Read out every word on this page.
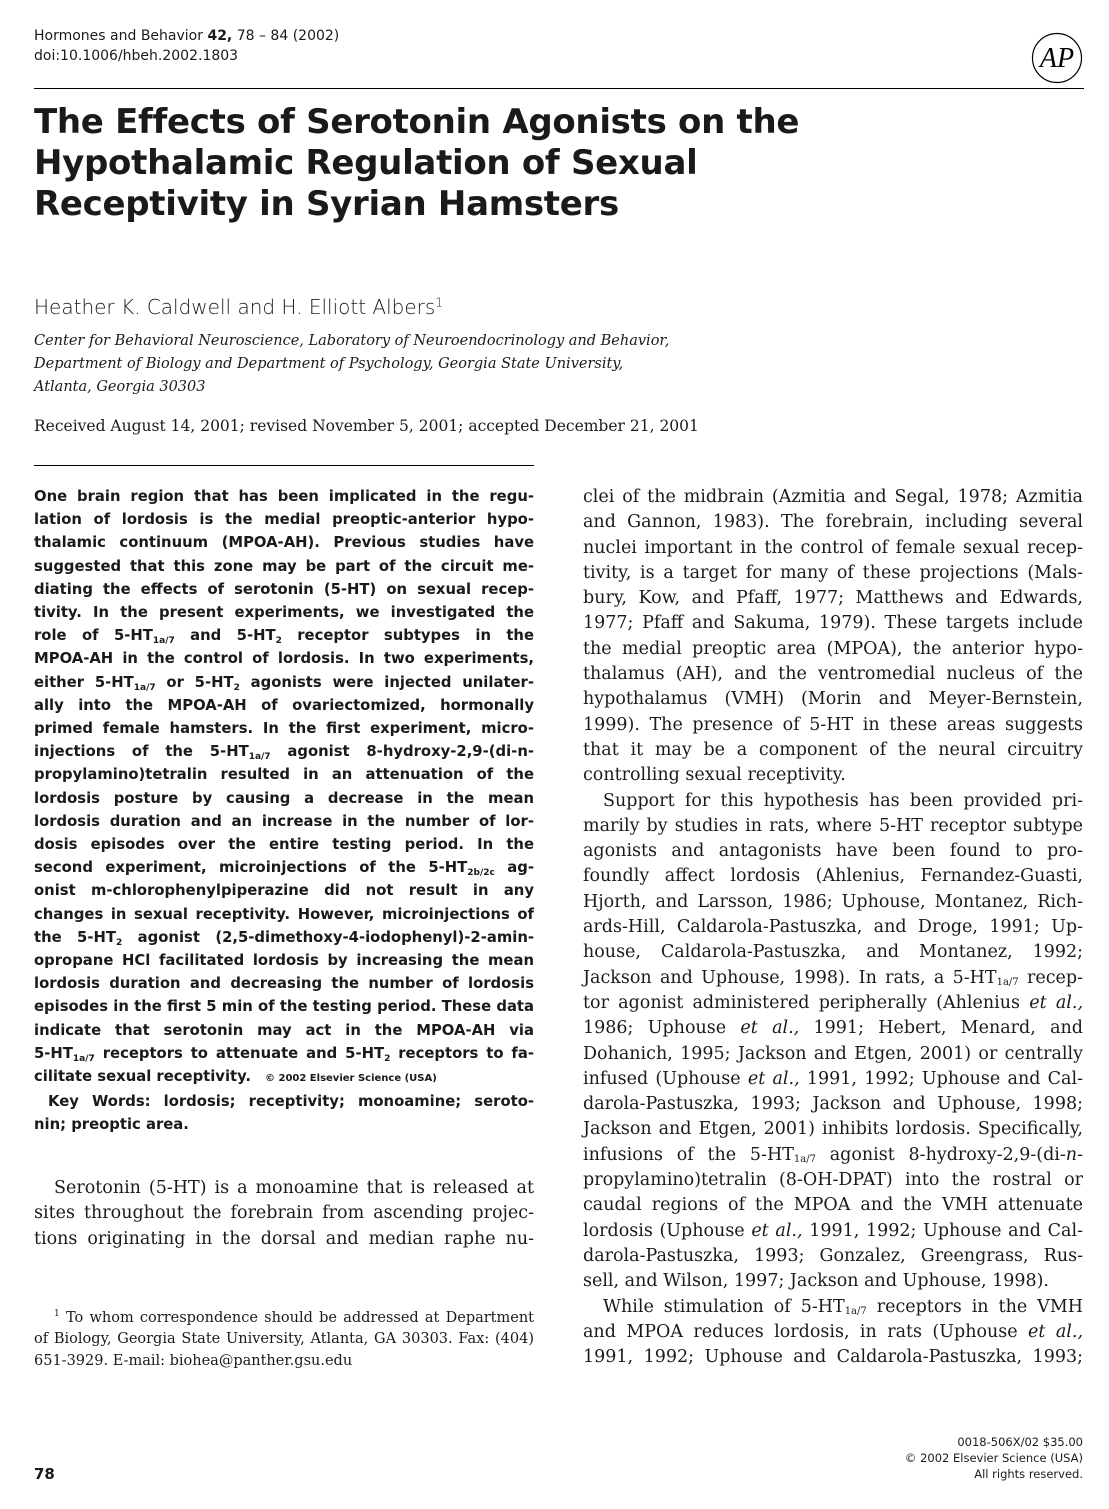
Hormones and Behavior 42, 78 – 84 (2002)
doi:10.1006/hbeh.2002.1803	AP
The Effects of Serotonin Agonists on the
Hypothalamic Regulation of Sexual
Receptivity in Syrian Hamsters
Heather K. Caldwell and H. Elliott Albers$^1$
Center for Behavioral Neuroscience, Laboratory of Neuroendocrinology and Behavior,
Department of Biology and Department of Psychology, Georgia State University,
Atlanta, Georgia 30303
Received August 14, 2001; revised November 5, 2001; accepted December 21, 2001
One brain region that has been implicated in the regu-
lation of lordosis is the medial preoptic-anterior hypo-
thalamic continuum (MPOA-AH). Previous studies have
suggested that this zone may be part of the circuit me-
diating the effects of serotonin (5-HT) on sexual recep-
tivity. In the present experiments, we investigated the
role of $5-HT_{1a/7}$ and $5-HT_2$ receptor subtypes in the
MPOA-AH in the control of lordosis. In two experiments,
either $5-HT_{1a/7}$ or $5-HT_2$ agonists were injected unilater-
ally into the MPOA-AH of ovariectomized, hormonally
primed female hamsters. In the first experiment, micro-
injections of the $5-HT_{1a/7}$ agonist 8-hydroxy-2,9-(di-n-
propylamino)tetralin resulted in an attenuation of the
lordosis posture by causing a decrease in the mean
lordosis duration and an increase in the number of lor-
dosis episodes over the entire testing period. In the
second experiment, microinjections of the $5-HT_{2b/2c}$ ag-
onist m-chlorophenylpiperazine did not result in any
changes in sexual receptivity. However, microinjections of
the $5-HT_2$ agonist (2,5-dimethoxy-4-iodophenyl)-2-amin-
opropane HCl facilitated lordosis by increasing the mean
lordosis duration and decreasing the number of lordosis
episodes in the first 5 min of the testing period. These data
indicate that serotonin may act in the MPOA-AH via
$5-HT_{1a/7}$ receptors to attenuate and $5-HT_2$ receptors to fa-
cilitate sexual receptivity. © 2002 Elsevier Science (USA)
Key Words: lordosis; receptivity; monoamine; seroto-
nin; preoptic area.
Serotonin (5-HT) is a monoamine that is released at
sites throughout the forebrain from ascending projec-
tions originating in the dorsal and median raphe nu-
$^1$ To whom correspondence should be addressed at Department
of Biology, Georgia State University, Atlanta, GA 30303. Fax: (404)
651-3929. E-mail: biohea@panther.gsu.edu
clei of the midbrain (Azmitia and Segal, 1978; Azmitia
and Gannon, 1983). The forebrain, including several
nuclei important in the control of female sexual recep-
tivity, is a target for many of these projections (Mals-
bury, Kow, and Pfaff, 1977; Matthews and Edwards,
1977; Pfaff and Sakuma, 1979). These targets include
the medial preoptic area (MPOA), the anterior hypo-
thalamus (AH), and the ventromedial nucleus of the
hypothalamus (VMH) (Morin and Meyer-Bernstein,
1999). The presence of 5-HT in these areas suggests
that it may be a component of the neural circuitry
controlling sexual receptivity.
Support for this hypothesis has been provided pri-
marily by studies in rats, where 5-HT receptor subtype
agonists and antagonists have been found to pro-
foundly affect lordosis (Ahlenius, Fernandez-Guasti,
Hjorth, and Larsson, 1986; Uphouse, Montanez, Rich-
ards-Hill, Caldarola-Pastuszka, and Droge, 1991; Up-
house, Caldarola-Pastuszka, and Montanez, 1992;
Jackson and Uphouse, 1998). In rats, a $5-HT_{1a/7}$ recep-
tor agonist administered peripherally (Ahlenius et al.,
1986; Uphouse et al., 1991; Hebert, Menard, and
Dohanich, 1995; Jackson and Etgen, 2001) or centrally
infused (Uphouse et al., 1991, 1992; Uphouse and Cal-
darola-Pastuszka, 1993; Jackson and Uphouse, 1998;
Jackson and Etgen, 2001) inhibits lordosis. Specifically,
infusions of the $5-HT_{1a/7}$ agonist 8-hydroxy-2,9-(di-n-
propylamino)tetralin (8-OH-DPAT) into the rostral or
caudal regions of the MPOA and the VMH attenuate
lordosis (Uphouse et al., 1991, 1992; Uphouse and Cal-
darola-Pastuszka, 1993; Gonzalez, Greengrass, Rus-
sell, and Wilson, 1997; Jackson and Uphouse, 1998).
While stimulation of $5-HT_{1a/7}$ receptors in the VMH
and MPOA reduces lordosis, in rats (Uphouse et al.,
1991, 1992; Uphouse and Caldarola-Pastuszka, 1993;
78
0018-506X/02 $35.00
© 2002 Elsevier Science (USA)
All rights reserved.
